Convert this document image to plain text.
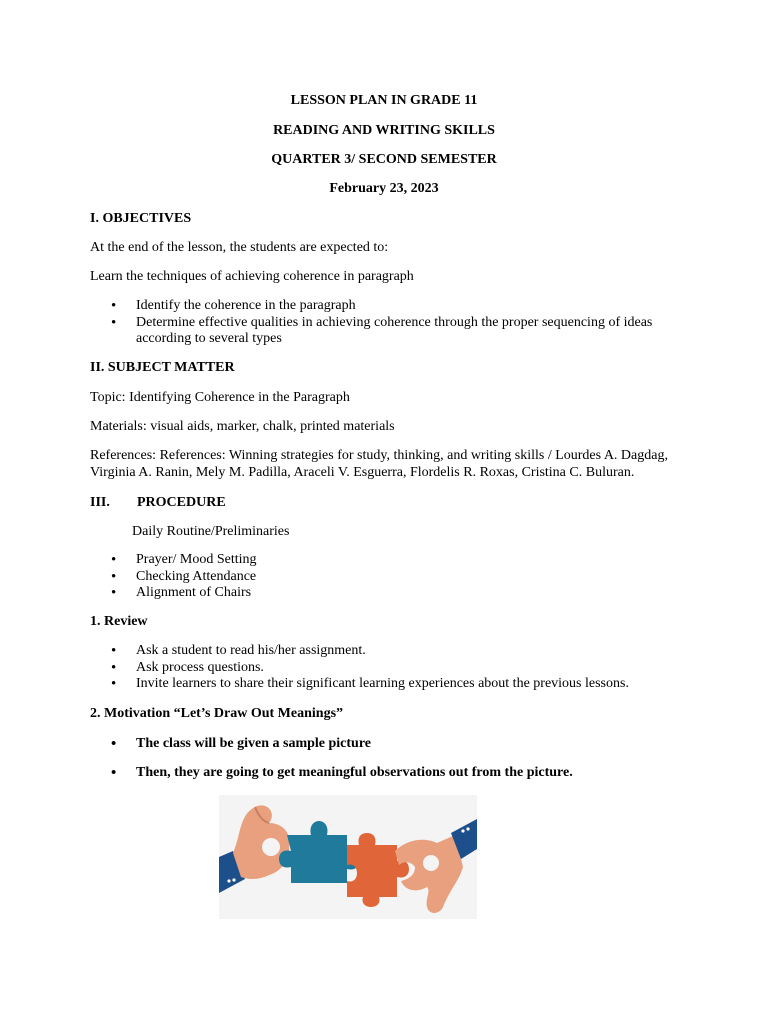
LESSON PLAN IN GRADE 11
READING AND WRITING SKILLS
QUARTER 3/ SECOND SEMESTER
February 23, 2023
I. OBJECTIVES
At the end of the lesson, the students are expected to:
Learn the techniques of achieving coherence in paragraph
• Identify the coherence in the paragraph
• Determine effective qualities in achieving coherence through the proper sequencing of ideas according to several types
II. SUBJECT MATTER
Topic: Identifying Coherence in the Paragraph
Materials: visual aids, marker, chalk, printed materials
References: References: Winning strategies for study, thinking, and writing skills / Lourdes A. Dagdag, Virginia A. Ranin, Mely M. Padilla, Araceli V. Esguerra, Flordelis R. Roxas, Cristina C. Buluran.
III. PROCEDURE
Daily Routine/Preliminaries
• Prayer/ Mood Setting
• Checking Attendance
• Alignment of Chairs
1. Review
• Ask a student to read his/her assignment.
• Ask process questions.
• Invite learners to share their significant learning experiences about the previous lessons.
2. Motivation “Let’s Draw Out Meanings”
• The class will be given a sample picture
• Then, they are going to get meaningful observations out from the picture.
